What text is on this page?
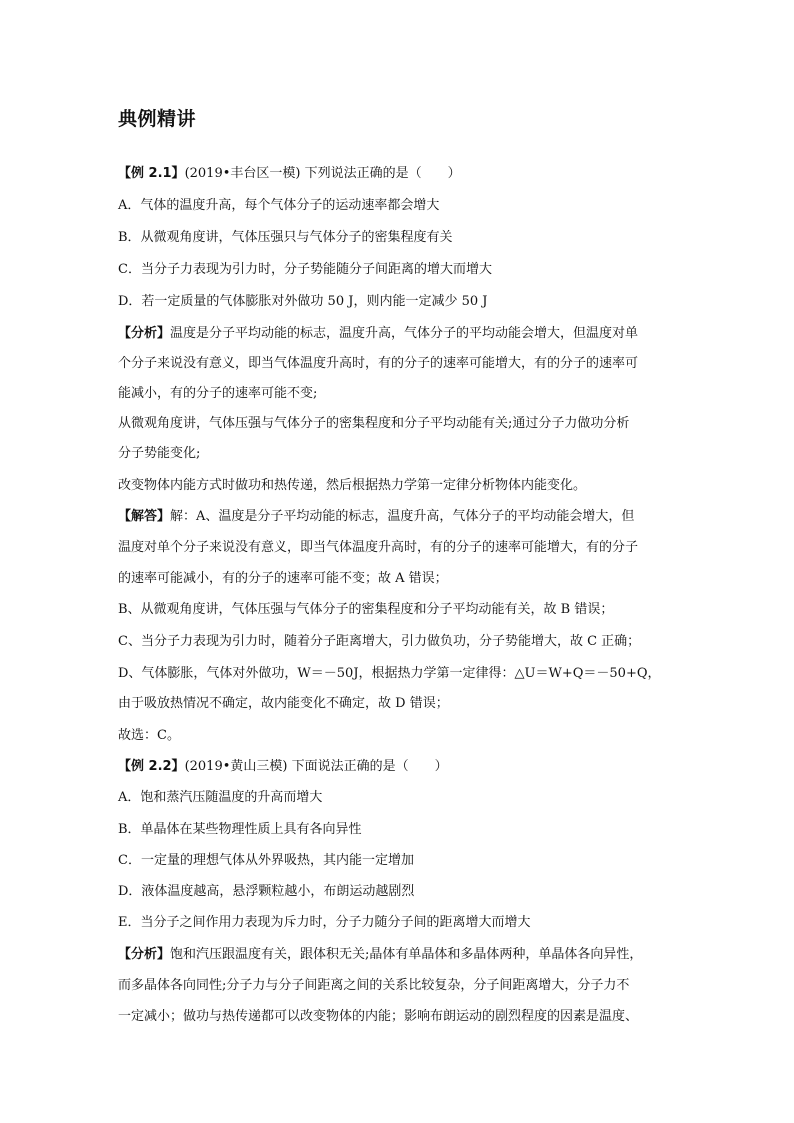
典例精讲

【例 2.1】(2019•丰台区一模) 下列说法正确的是（　　）

A．气体的温度升高，每个气体分子的运动速率都会增大

B．从微观角度讲，气体压强只与气体分子的密集程度有关

C．当分子力表现为引力时，分子势能随分子间距离的增大而增大

D．若一定质量的气体膨胀对外做功 50 J，则内能一定减少 50 J

【分析】温度是分子平均动能的标志，温度升高，气体分子的平均动能会增大，但温度对单

个分子来说没有意义，即当气体温度升高时，有的分子的速率可能增大，有的分子的速率可

能减小，有的分子的速率可能不变;

从微观角度讲，气体压强与气体分子的密集程度和分子平均动能有关;通过分子力做功分析

分子势能变化;

改变物体内能方式时做功和热传递，然后根据热力学第一定律分析物体内能变化。

【解答】解：A、温度是分子平均动能的标志，温度升高，气体分子的平均动能会增大，但

温度对单个分子来说没有意义，即当气体温度升高时，有的分子的速率可能增大，有的分子

的速率可能减小，有的分子的速率可能不变；故 A 错误；

B、从微观角度讲，气体压强与气体分子的密集程度和分子平均动能有关，故 B 错误；

C、当分子力表现为引力时，随着分子距离增大，引力做负功，分子势能增大，故 C 正确；

D、气体膨胀，气体对外做功，W＝－50J，根据热力学第一定律得：△U＝W+Q＝－50+Q，

由于吸放热情况不确定，故内能变化不确定，故 D 错误；

故选：C。

【例 2.2】(2019•黄山三模) 下面说法正确的是（　　）

A．饱和蒸汽压随温度的升高而增大

B．单晶体在某些物理性质上具有各向异性

C．一定量的理想气体从外界吸热，其内能一定增加

D．液体温度越高，悬浮颗粒越小，布朗运动越剧烈

E．当分子之间作用力表现为斥力时，分子力随分子间的距离增大而增大

【分析】饱和汽压跟温度有关，跟体积无关;晶体有单晶体和多晶体两种，单晶体各向异性，

而多晶体各向同性;分子力与分子间距离之间的关系比较复杂，分子间距离增大，分子力不

一定减小；做功与热传递都可以改变物体的内能；影响布朗运动的剧烈程度的因素是温度、
